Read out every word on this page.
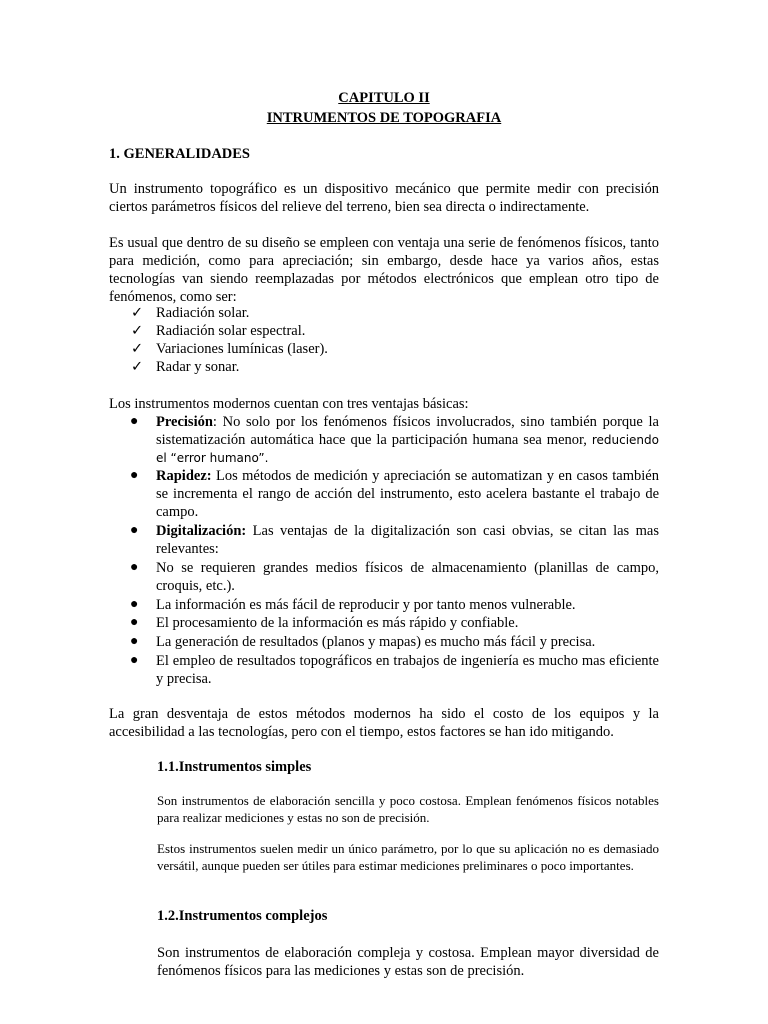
CAPITULO II
INTRUMENTOS DE TOPOGRAFIA
1. GENERALIDADES

Un instrumento topográfico es un dispositivo mecánico que permite medir con precisión ciertos parámetros físicos del relieve del terreno, bien sea directa o indirectamente.

Es usual que dentro de su diseño se empleen con ventaja una serie de fenómenos físicos, tanto para medición, como para apreciación; sin embargo, desde hace ya varios años, estas tecnologías van siendo reemplazadas por métodos electrónicos que emplean otro tipo de fenómenos, como ser:

✓ Radiación solar.
✓ Radiación solar espectral.
✓ Variaciones lumínicas (laser).
✓ Radar y sonar.

Los instrumentos modernos cuentan con tres ventajas básicas:

● Precisión: No solo por los fenómenos físicos involucrados, sino también porque la sistematización automática hace que la participación humana sea menor, reduciendo el “error humano”.
● Rapidez: Los métodos de medición y apreciación se automatizan y en casos también se incrementa el rango de acción del instrumento, esto acelera bastante el trabajo de campo.
● Digitalización: Las ventajas de la digitalización son casi obvias, se citan las mas relevantes:
● No se requieren grandes medios físicos de almacenamiento (planillas de campo, croquis, etc.).
● La información es más fácil de reproducir y por tanto menos vulnerable.
● El procesamiento de la información es más rápido y confiable.
● La generación de resultados (planos y mapas) es mucho más fácil y precisa.
● El empleo de resultados topográficos en trabajos de ingeniería es mucho mas eficiente y precisa.

La gran desventaja de estos métodos modernos ha sido el costo de los equipos y la accesibilidad a las tecnologías, pero con el tiempo, estos factores se han ido mitigando.

1.1.Instrumentos simples

Son instrumentos de elaboración sencilla y poco costosa. Emplean fenómenos físicos notables para realizar mediciones y estas no son de precisión.

Estos instrumentos suelen medir un único parámetro, por lo que su aplicación no es demasiado versátil, aunque pueden ser útiles para estimar mediciones preliminares o poco importantes.

1.2.Instrumentos complejos

Son instrumentos de elaboración compleja y costosa. Emplean mayor diversidad de fenómenos físicos para las mediciones y estas son de precisión.
